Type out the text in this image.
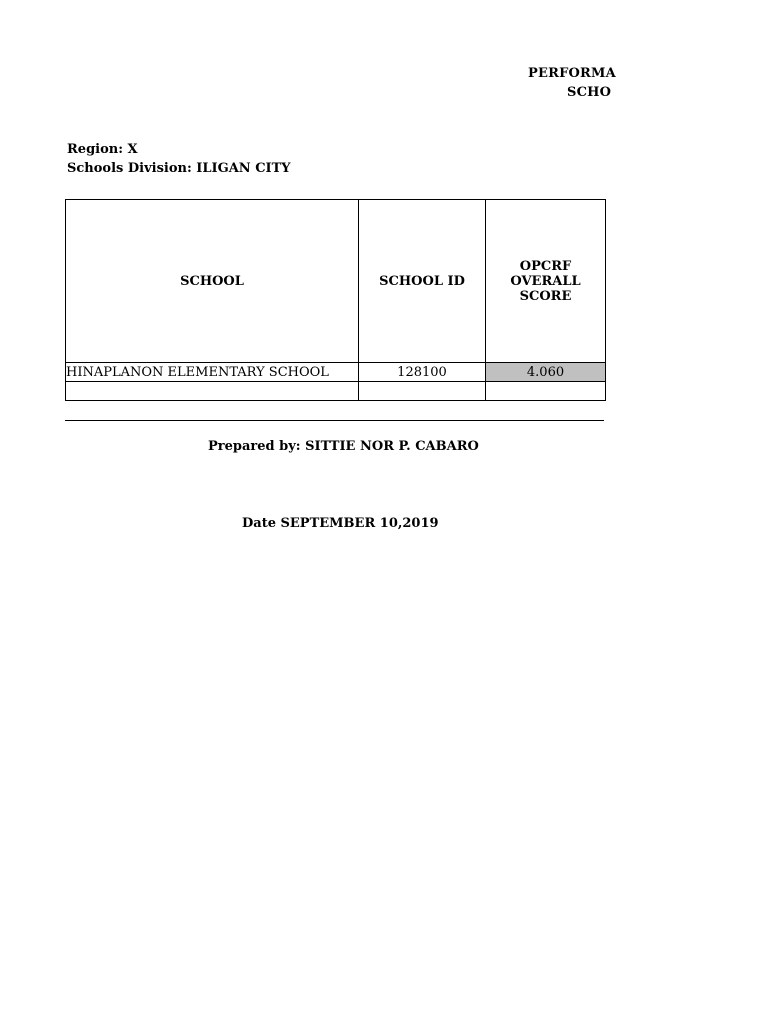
PERFORMA
SCHO
Region: X
Schools Division: ILIGAN CITY
SCHOOL	SCHOOL ID	OPCRF OVERALL SCORE
HINAPLANON ELEMENTARY SCHOOL	128100	4.060

Prepared by: SITTIE NOR P. CABARO
Date SEPTEMBER 10,2019
